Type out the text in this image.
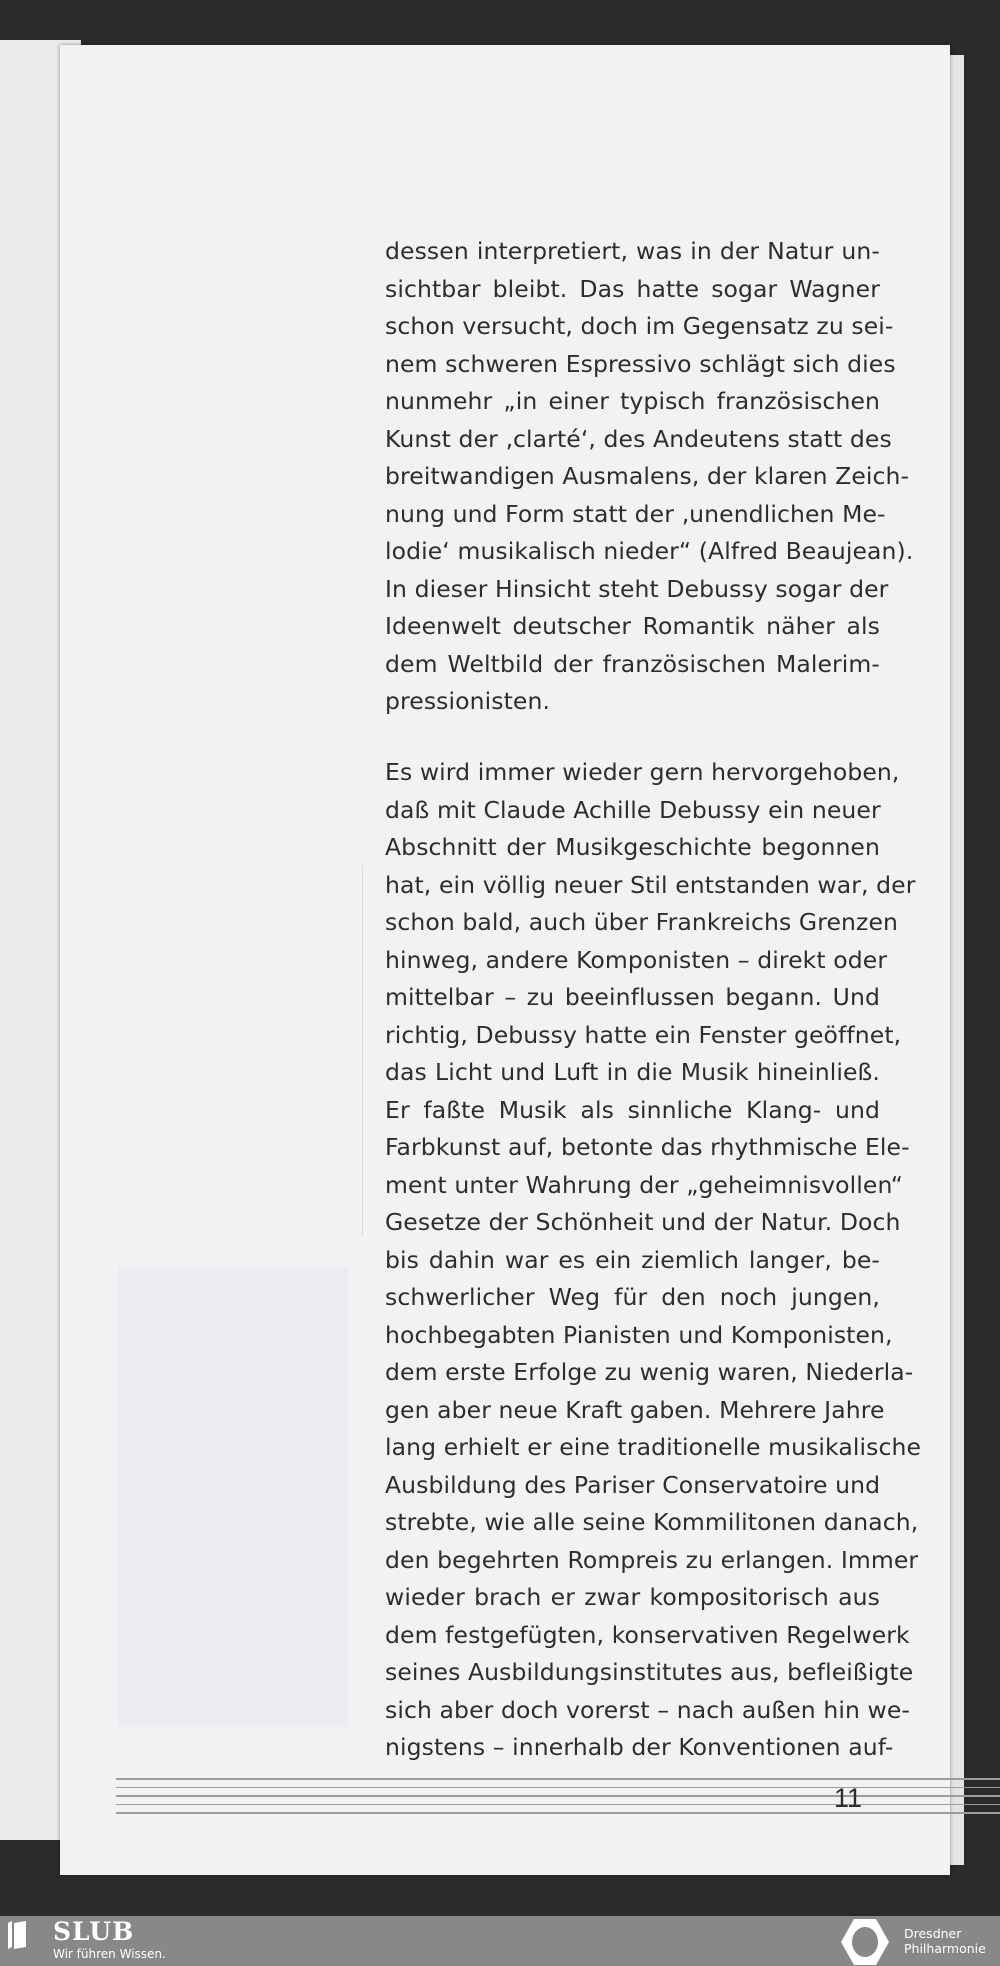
dessen interpretiert, was in der Natur un-
sichtbar bleibt. Das hatte sogar Wagner
schon versucht, doch im Gegensatz zu sei-
nem schweren Espressivo schlägt sich dies
nunmehr „in einer typisch französischen
Kunst der ‚clarté‘, des Andeutens statt des
breitwandigen Ausmalens, der klaren Zeich-
nung und Form statt der ‚unendlichen Me-
lodie‘ musikalisch nieder“ (Alfred Beaujean).
In dieser Hinsicht steht Debussy sogar der
Ideenwelt deutscher Romantik näher als
dem Weltbild der französischen Malerim-
pressionisten.
Es wird immer wieder gern hervorgehoben,
daß mit Claude Achille Debussy ein neuer
Abschnitt der Musikgeschichte begonnen
hat, ein völlig neuer Stil entstanden war, der
schon bald, auch über Frankreichs Grenzen
hinweg, andere Komponisten – direkt oder
mittelbar – zu beeinflussen begann. Und
richtig, Debussy hatte ein Fenster geöffnet,
das Licht und Luft in die Musik hineinließ.
Er faßte Musik als sinnliche Klang- und
Farbkunst auf, betonte das rhythmische Ele-
ment unter Wahrung der „geheimnisvollen“
Gesetze der Schönheit und der Natur. Doch
bis dahin war es ein ziemlich langer, be-
schwerlicher Weg für den noch jungen,
hochbegabten Pianisten und Komponisten,
dem erste Erfolge zu wenig waren, Niederla-
gen aber neue Kraft gaben. Mehrere Jahre
lang erhielt er eine traditionelle musikalische
Ausbildung des Pariser Conservatoire und
strebte, wie alle seine Kommilitonen danach,
den begehrten Rompreis zu erlangen. Immer
wieder brach er zwar kompositorisch aus
dem festgefügten, konservativen Regelwerk
seines Ausbildungsinstitutes aus, befleißigte
sich aber doch vorerst – nach außen hin we-
nigstens – innerhalb der Konventionen auf-
11
SLUB
Wir führen Wissen.
Dresdner
Philharmonie
